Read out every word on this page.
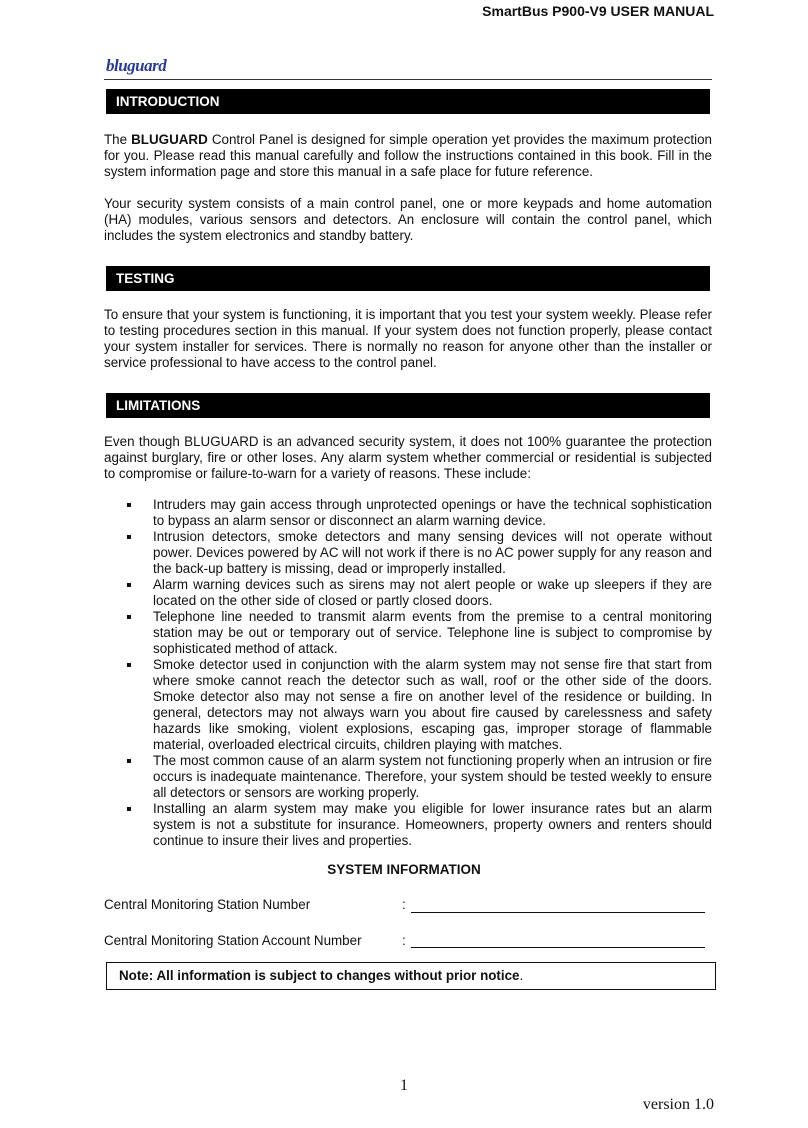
SmartBus P900-V9 USER MANUAL
bluguard
INTRODUCTION

The BLUGUARD Control Panel is designed for simple operation yet provides the maximum protection for you. Please read this manual carefully and follow the instructions contained in this book. Fill in the system information page and store this manual in a safe place for future reference.

Your security system consists of a main control panel, one or more keypads and home automation (HA) modules, various sensors and detectors. An enclosure will contain the control panel, which includes the system electronics and standby battery.

TESTING

To ensure that your system is functioning, it is important that you test your system weekly. Please refer to testing procedures section in this manual. If your system does not function properly, please contact your system installer for services. There is normally no reason for anyone other than the installer or service professional to have access to the control panel.

LIMITATIONS

Even though BLUGUARD is an advanced security system, it does not 100% guarantee the protection against burglary, fire or other loses. Any alarm system whether commercial or residential is subjected to compromise or failure-to-warn for a variety of reasons. These include:

Intruders may gain access through unprotected openings or have the technical sophistication to bypass an alarm sensor or disconnect an alarm warning device.
Intrusion detectors, smoke detectors and many sensing devices will not operate without power. Devices powered by AC will not work if there is no AC power supply for any reason and the back-up battery is missing, dead or improperly installed.
Alarm warning devices such as sirens may not alert people or wake up sleepers if they are located on the other side of closed or partly closed doors.
Telephone line needed to transmit alarm events from the premise to a central monitoring station may be out or temporary out of service. Telephone line is subject to compromise by sophisticated method of attack.
Smoke detector used in conjunction with the alarm system may not sense fire that start from where smoke cannot reach the detector such as wall, roof or the other side of the doors. Smoke detector also may not sense a fire on another level of the residence or building. In general, detectors may not always warn you about fire caused by carelessness and safety hazards like smoking, violent explosions, escaping gas, improper storage of flammable material, overloaded electrical circuits, children playing with matches.
The most common cause of an alarm system not functioning properly when an intrusion or fire occurs is inadequate maintenance. Therefore, your system should be tested weekly to ensure all detectors or sensors are working properly.
Installing an alarm system may make you eligible for lower insurance rates but an alarm system is not a substitute for insurance. Homeowners, property owners and renters should continue to insure their lives and properties.
SYSTEM INFORMATION
Central Monitoring Station Number	:
Central Monitoring Station Account Number	:
Note: All information is subject to changes without prior notice.
1
version 1.0
